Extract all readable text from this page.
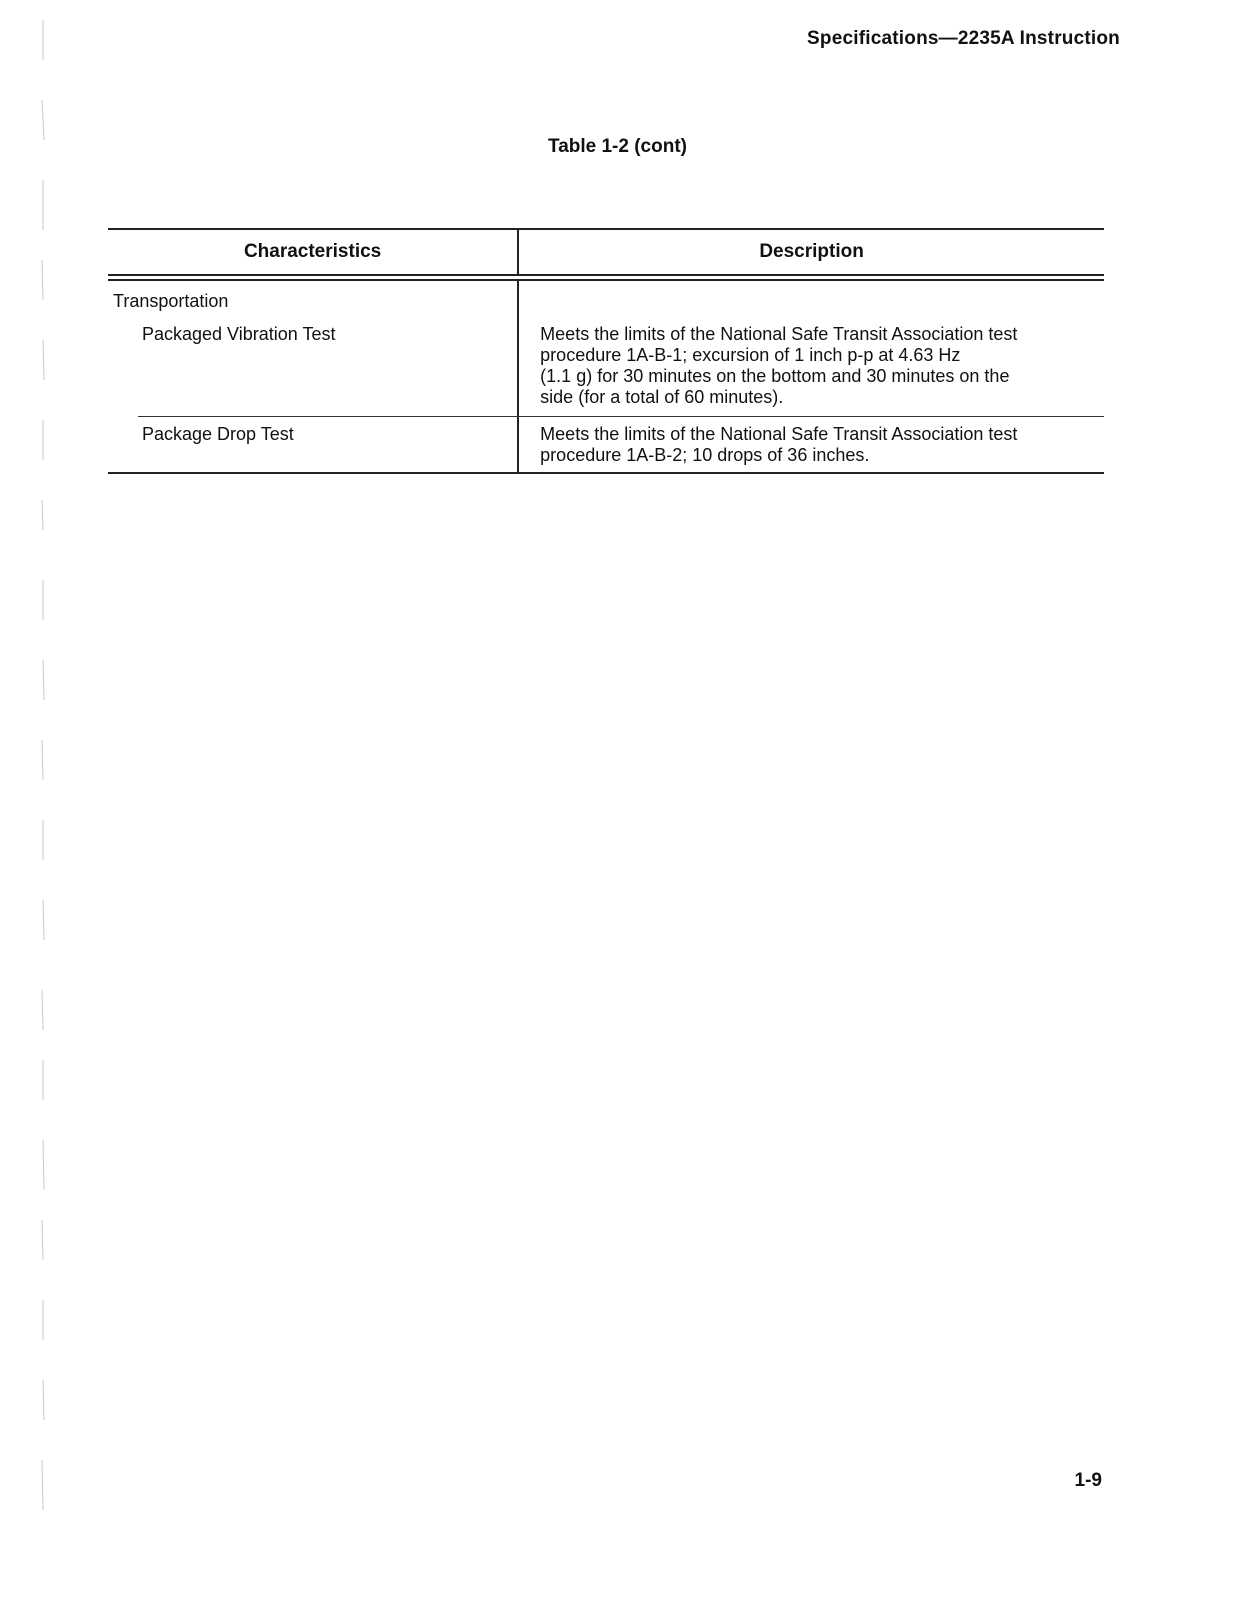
Specifications—2235A Instruction
Table 1-2 (cont)
Characteristics	Description
Transportation
Packaged Vibration Test	Meets the limits of the National Safe Transit Association test
procedure 1A-B-1; excursion of 1 inch p-p at 4.63 Hz
(1.1 g) for 30 minutes on the bottom and 30 minutes on the
side (for a total of 60 minutes).
Package Drop Test	Meets the limits of the National Safe Transit Association test
procedure 1A-B-2; 10 drops of 36 inches.
1-9
